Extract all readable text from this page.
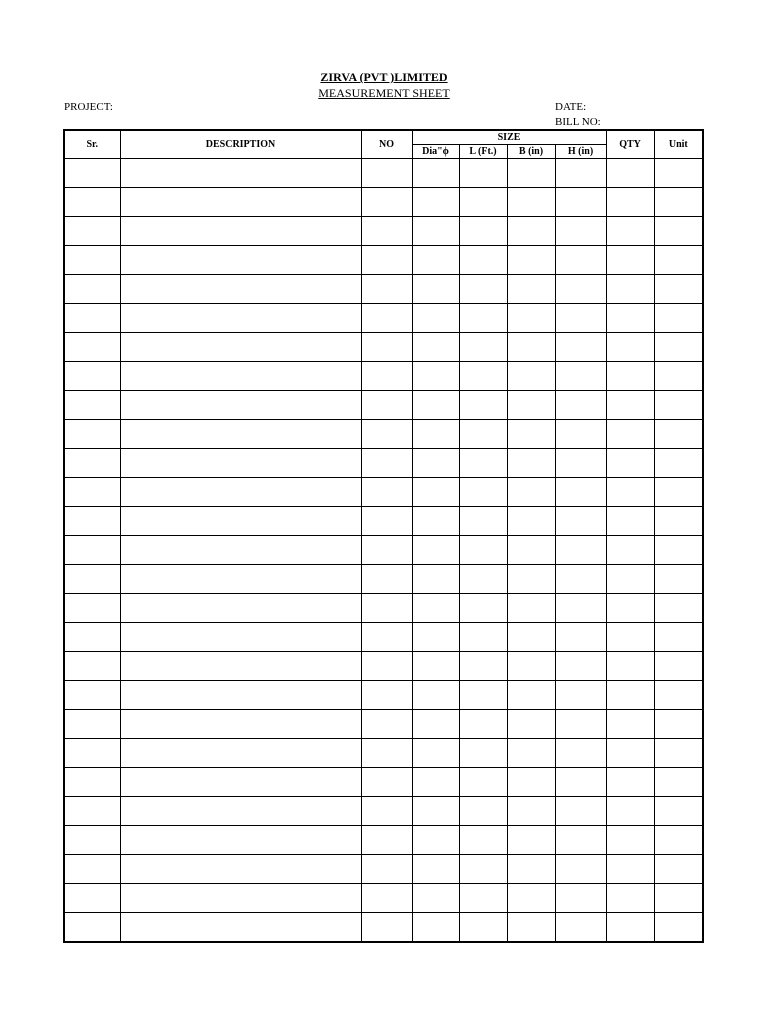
ZIRVA (PVT )LIMITED
MEASUREMENT SHEET
PROJECT:	DATE:
BILL NO:
Sr.	DESCRIPTION	NO	SIZE				QTY	Unit
			Dia"ϕ	L (Ft.)	B (in)	H (in)		
